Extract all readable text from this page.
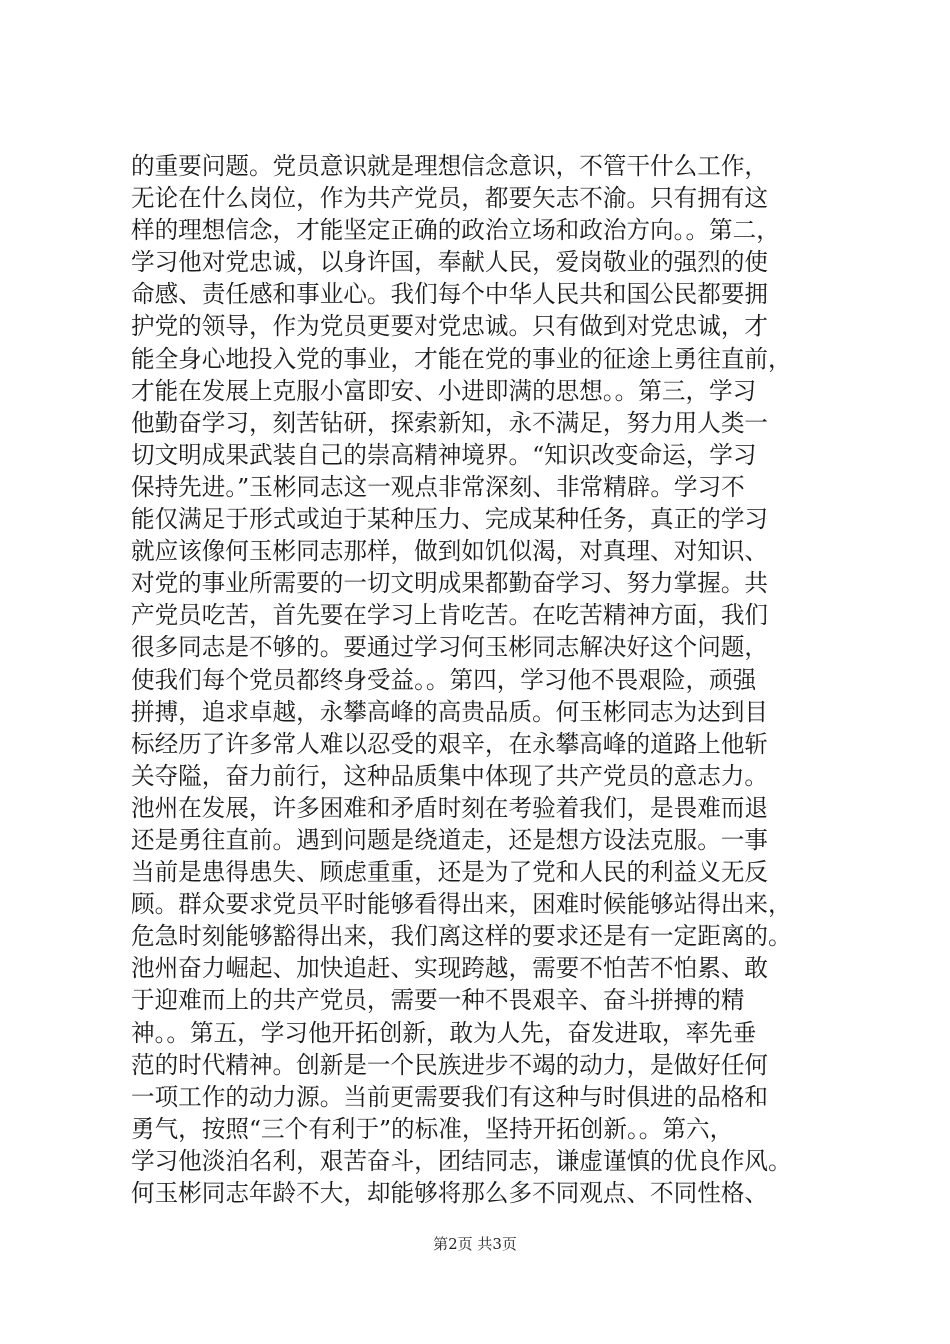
的重要问题。党员意识就是理想信念意识，不管干什么工作，
无论在什么岗位，作为共产党员，都要矢志不渝。只有拥有这
样的理想信念，才能坚定正确的政治立场和政治方向。。第二，
学习他对党忠诚，以身许国，奉献人民，爱岗敬业的强烈的使
命感、责任感和事业心。我们每个中华人民共和国公民都要拥
护党的领导，作为党员更要对党忠诚。只有做到对党忠诚，才
能全身心地投入党的事业，才能在党的事业的征途上勇往直前，
才能在发展上克服小富即安、小进即满的思想。。第三，学习
他勤奋学习，刻苦钻研，探索新知，永不满足，努力用人类一
切文明成果武装自己的崇高精神境界。“知识改变命运，学习
保持先进。”玉彬同志这一观点非常深刻、非常精辟。学习不
能仅满足于形式或迫于某种压力、完成某种任务，真正的学习
就应该像何玉彬同志那样，做到如饥似渴，对真理、对知识、
对党的事业所需要的一切文明成果都勤奋学习、努力掌握。共
产党员吃苦，首先要在学习上肯吃苦。在吃苦精神方面，我们
很多同志是不够的。要通过学习何玉彬同志解决好这个问题，
使我们每个党员都终身受益。。第四，学习他不畏艰险，顽强
拼搏，追求卓越，永攀高峰的高贵品质。何玉彬同志为达到目
标经历了许多常人难以忍受的艰辛，在永攀高峰的道路上他斩
关夺隘，奋力前行，这种品质集中体现了共产党员的意志力。
池州在发展，许多困难和矛盾时刻在考验着我们，是畏难而退
还是勇往直前。遇到问题是绕道走，还是想方设法克服。一事
当前是患得患失、顾虑重重，还是为了党和人民的利益义无反
顾。群众要求党员平时能够看得出来，困难时候能够站得出来，
危急时刻能够豁得出来，我们离这样的要求还是有一定距离的。
池州奋力崛起、加快追赶、实现跨越，需要不怕苦不怕累、敢
于迎难而上的共产党员，需要一种不畏艰辛、奋斗拼搏的精
神。。第五，学习他开拓创新，敢为人先，奋发进取，率先垂
范的时代精神。创新是一个民族进步不竭的动力，是做好任何
一项工作的动力源。当前更需要我们有这种与时俱进的品格和
勇气，按照“三个有利于”的标准，坚持开拓创新。。第六，
学习他淡泊名利，艰苦奋斗，团结同志，谦虚谨慎的优良作风。
何玉彬同志年龄不大，却能够将那么多不同观点、不同性格、
第2页 共3页
